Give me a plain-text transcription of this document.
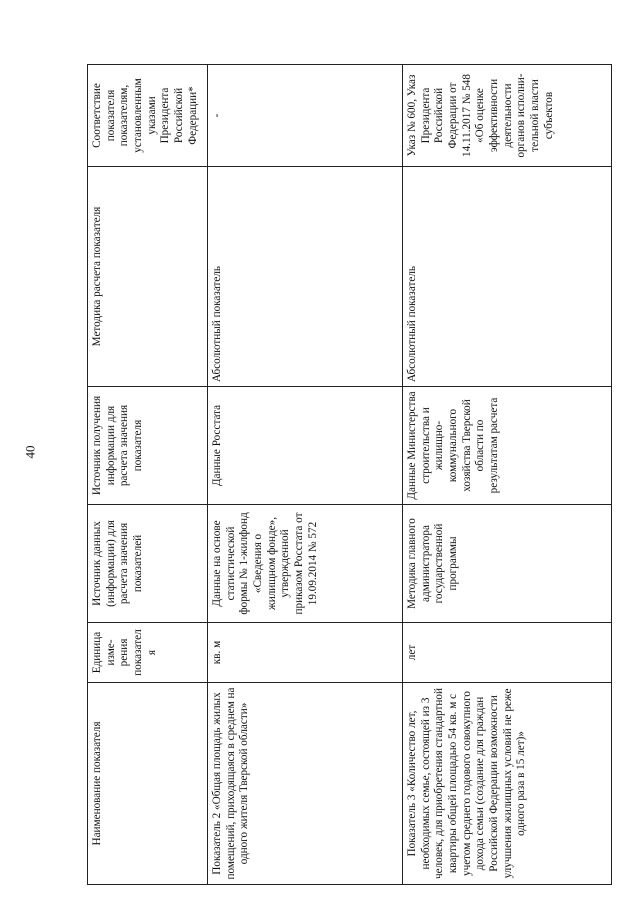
40
Наименование показателя	Единица изме-рения показателя	Источник данных (информации) для расчета значения показателей	Источник получения информации для расчета значения показателя	Методика расчета показателя	Соответствие показателя показателям, установленным указами Президента Российской Федерации*
Показатель 2 «Общая площадь жилых помещений, приходящаяся в среднем на одного жителя Тверской области»	кв. м	Данные на основе статистической формы № 1-жилфонд «Сведения о жилищном фонде», утвержденной приказом Росстата от 19.09.2014 № 572	Данные Росстата	Абсолютный показатель	-
Показатель 3 «Количество лет, необходимых семье, состоящей из 3 человек, для приобретения стандартной квартиры общей площадью 54 кв. м с учетом среднего годового совокупного дохода семьи (создание для граждан Российской Федерации возможности улучшения жилищных условий не реже одного раза в 15 лет)»	лет	Методика главного администратора государственной программы	Данные Министерства строительства и жилищно-коммунального хозяйства Тверской области по результатам расчета	Абсолютный показатель	Указ № 600, Указ Президента Российской Федерации от 14.11.2017 № 548 «Об оценке эффективности деятельности органов исполни-тельной власти субъектов
